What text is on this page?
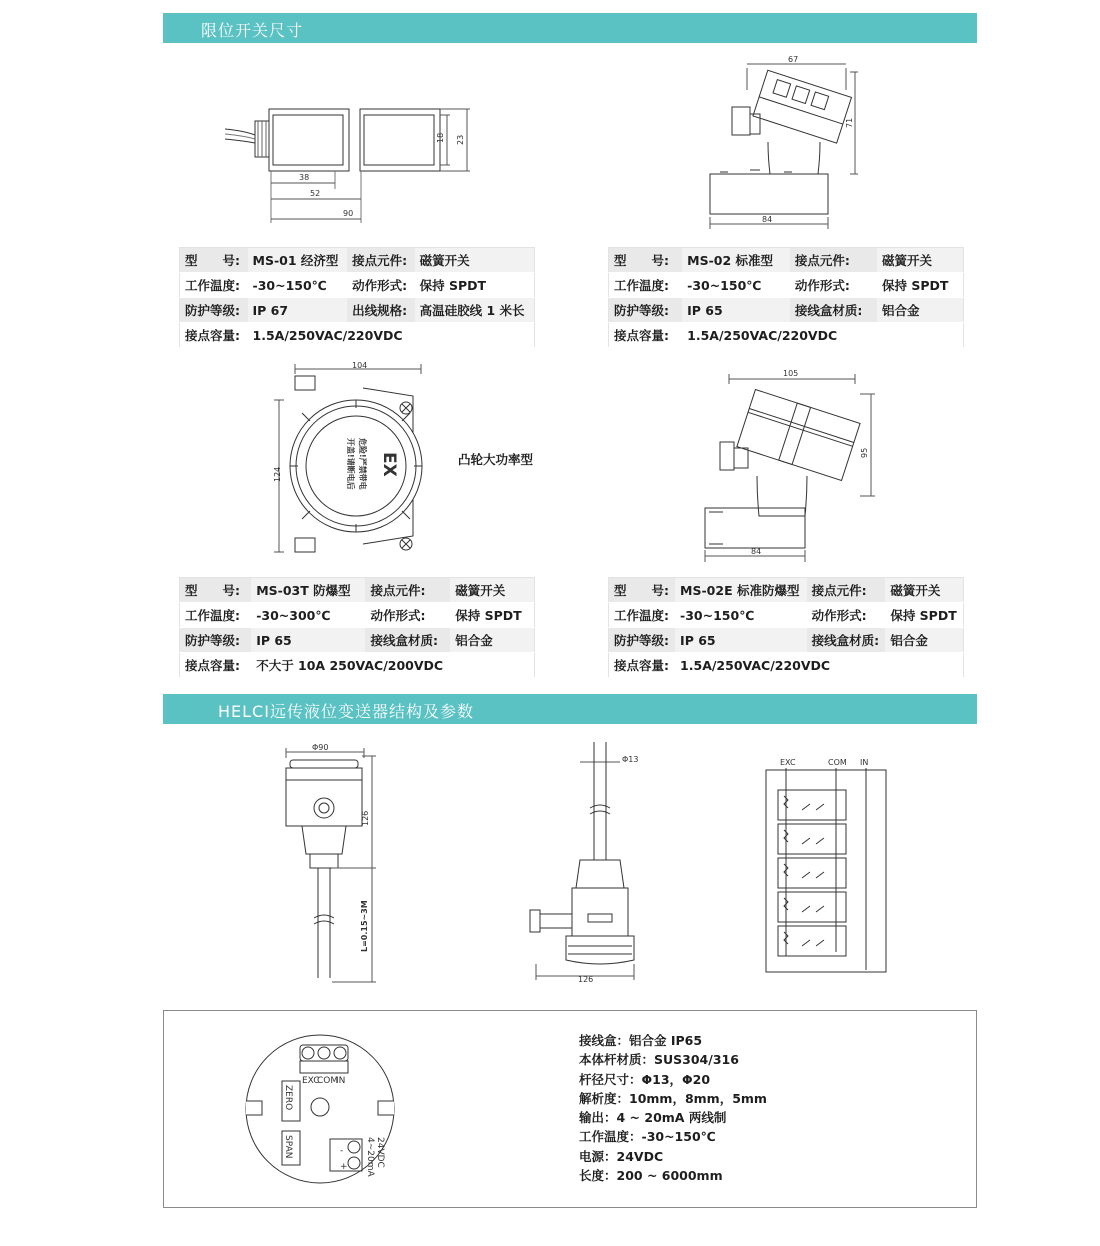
限位开关尺寸
38
52
90
18 23
67
71
84
型　　号:	MS-01 经济型	接点元件:	磁簧开关
工作温度:	-30~150℃	动作形式:	保持 SPDT
防护等级:	IP 67	出线规格:	高温硅胶线 1 米长
接点容量:	1.5A/250VAC/220VDC		
型　　号:	MS-02 标准型	接点元件:	磁簧开关
工作温度:	-30~150℃	动作形式:	保持 SPDT
防护等级:	IP 65	接线盒材质:	铝合金
接点容量:	1.5A/250VAC/220VDC		
104
124	EX
危险!严禁带电
开盖!请断电后	凸轮大功率型
105
95
84
型　　号:	MS-03T 防爆型	接点元件:	磁簧开关
工作温度:	-30~300℃	动作形式:	保持 SPDT
防护等级:	IP 65	接线盒材质:	铝合金
接点容量:	不大于 10A 250VAC/200VDC		
型　　号:	MS-02E 标准防爆型	接点元件:	磁簧开关
工作温度:	-30~150℃	动作形式:	保持 SPDT
防护等级:	IP 65	接线盒材质:	铝合金
接点容量:	1.5A/250VAC/220VDC		
HELCI远传液位变送器结构及参数
Φ90
126
L=0.15~3M
Φ13
126
EXC	COM IN
EXC
COM
IN
ZERO
SPAN	-
+	24VDC
4~20mA
接线盒：铝合金 IP65
本体杆材质：SUS304/316
杆径尺寸：Φ13，Φ20
解析度：10mm，8mm，5mm
输出：4 ~ 20mA 两线制
工作温度：-30~150℃
电源：24VDC
长度：200 ~ 6000mm
